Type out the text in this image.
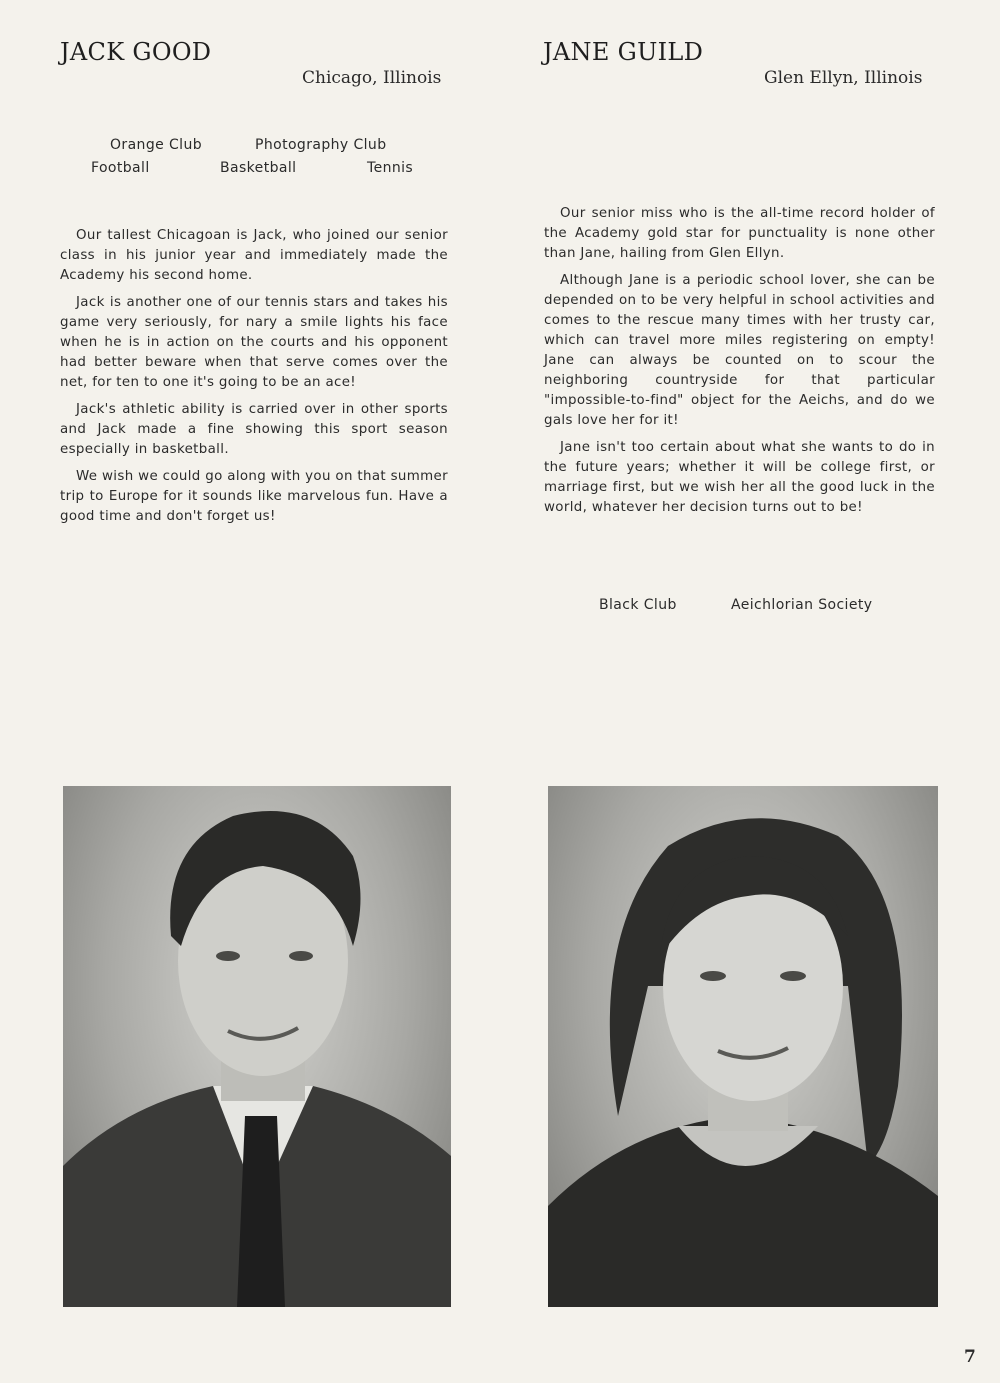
JACK GOOD
Chicago, Illinois
Orange Club	Photography Club
Football	Basketball	Tennis

Our tallest Chicagoan is Jack, who joined our senior class in his junior year and immediately made the Academy his second home.

Jack is another one of our tennis stars and takes his game very seriously, for nary a smile lights his face when he is in action on the courts and his opponent had better beware when that serve comes over the net, for ten to one it's going to be an ace!

Jack's athletic ability is carried over in other sports and Jack made a fine showing this sport season especially in basketball.

We wish we could go along with you on that summer trip to Europe for it sounds like marvelous fun. Have a good time and don't forget us!

JANE GUILD
Glen Ellyn, Illinois

Our senior miss who is the all-time record holder of the Academy gold star for punctuality is none other than Jane, hailing from Glen Ellyn.

Although Jane is a periodic school lover, she can be depended on to be very helpful in school activities and comes to the rescue many times with her trusty car, which can travel more miles registering on empty! Jane can always be counted on to scour the neighboring countryside for that particular "impossible-to-find" object for the Aeichs, and do we gals love her for it!

Jane isn't too certain about what she wants to do in the future years; whether it will be college first, or marriage first, but we wish her all the good luck in the world, whatever her decision turns out to be!

Black Club	Aeichlorian Society
7
